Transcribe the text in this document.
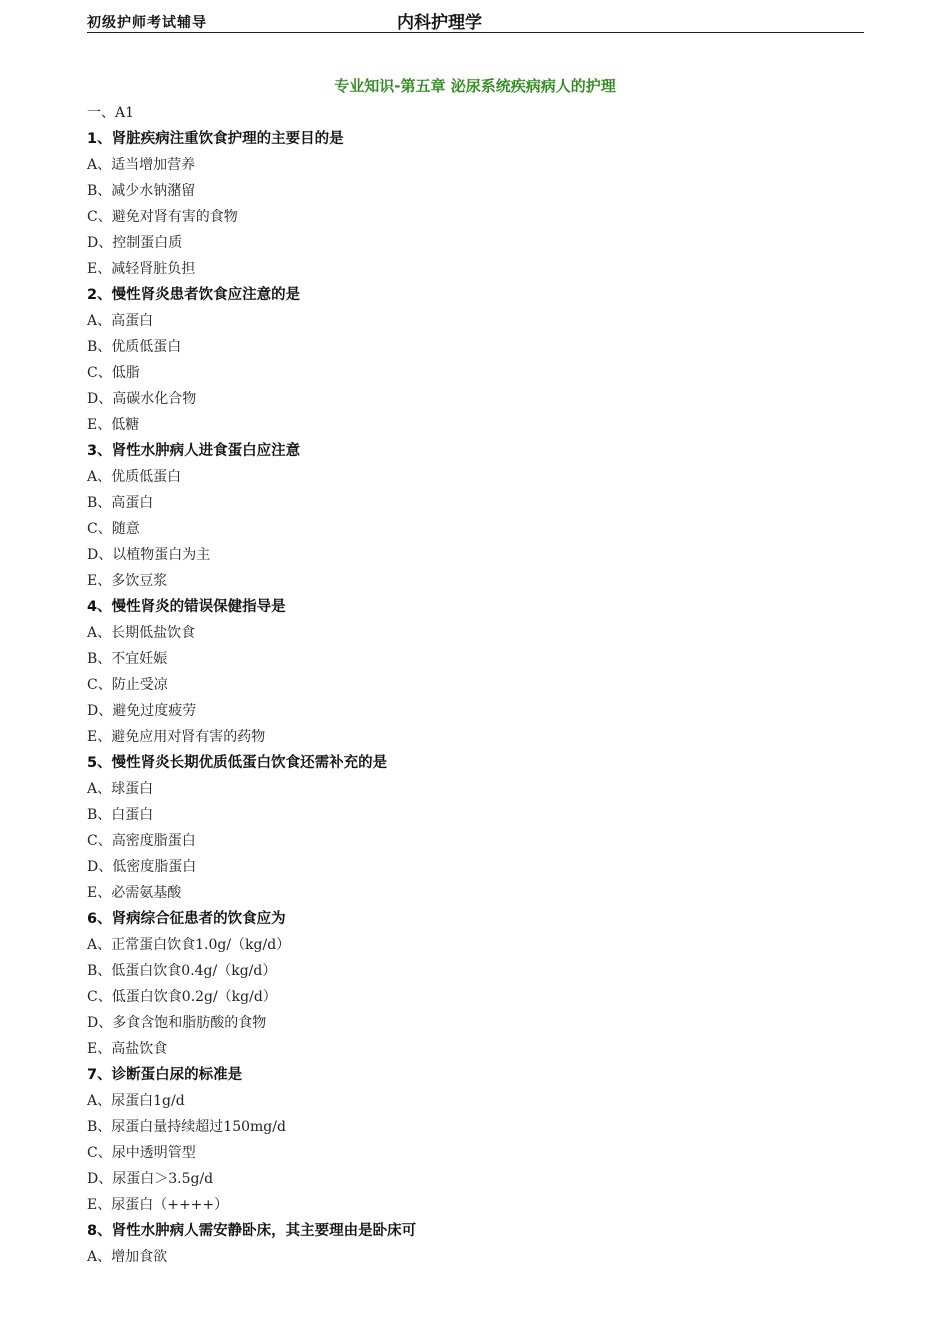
初级护师考试辅导	内科护理学
专业知识-第五章 泌尿系统疾病病人的护理
一、A1
1、肾脏疾病注重饮食护理的主要目的是
A、适当增加营养
B、减少水钠潴留
C、避免对肾有害的食物
D、控制蛋白质
E、减轻肾脏负担
2、慢性肾炎患者饮食应注意的是
A、高蛋白
B、优质低蛋白
C、低脂
D、高碳水化合物
E、低糖
3、肾性水肿病人进食蛋白应注意
A、优质低蛋白
B、高蛋白
C、随意
D、以植物蛋白为主
E、多饮豆浆
4、慢性肾炎的错误保健指导是
A、长期低盐饮食
B、不宜妊娠
C、防止受凉
D、避免过度疲劳
E、避免应用对肾有害的药物
5、慢性肾炎长期优质低蛋白饮食还需补充的是
A、球蛋白
B、白蛋白
C、高密度脂蛋白
D、低密度脂蛋白
E、必需氨基酸
6、肾病综合征患者的饮食应为
A、正常蛋白饮食1.0g/（kg/d）
B、低蛋白饮食0.4g/（kg/d）
C、低蛋白饮食0.2g/（kg/d）
D、多食含饱和脂肪酸的食物
E、高盐饮食
7、诊断蛋白尿的标准是
A、尿蛋白1g/d
B、尿蛋白量持续超过150mg/d
C、尿中透明管型
D、尿蛋白＞3.5g/d
E、尿蛋白（++++）
8、肾性水肿病人需安静卧床，其主要理由是卧床可
A、增加食欲
